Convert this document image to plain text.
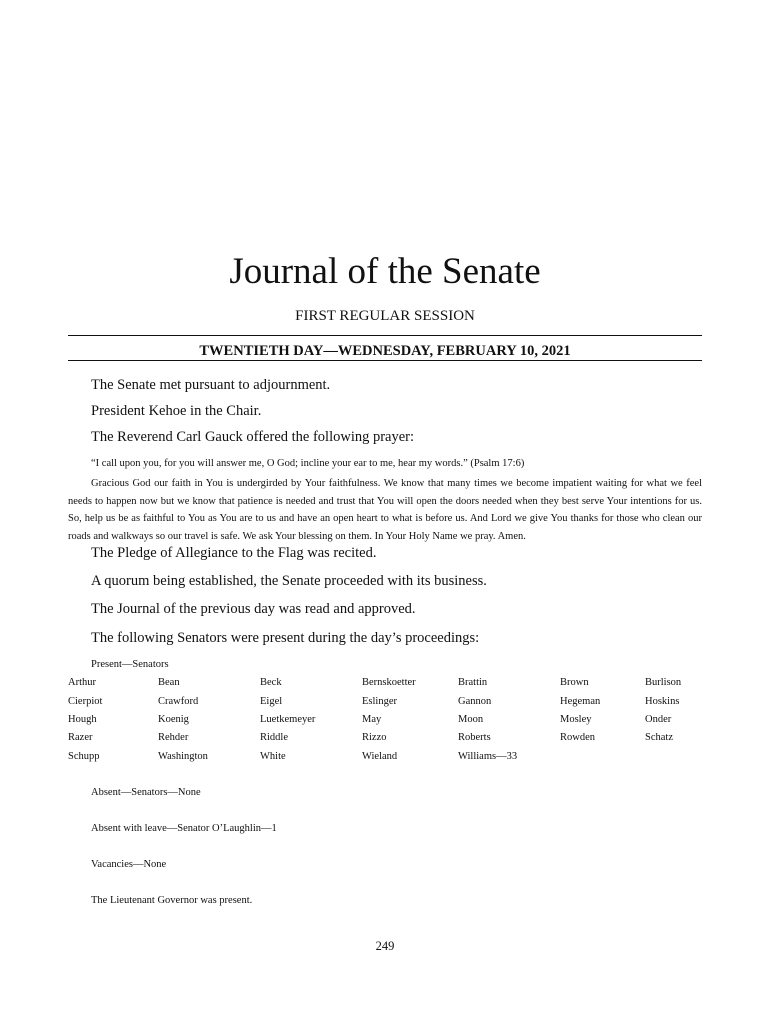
Journal of the Senate
FIRST REGULAR SESSION
TWENTIETH DAY—WEDNESDAY, FEBRUARY 10, 2021
The Senate met pursuant to adjournment.
President Kehoe in the Chair.
The Reverend Carl Gauck offered the following prayer:
“I call upon you, for you will answer me, O God; incline your ear to me, hear my words.” (Psalm 17:6)

Gracious God our faith in You is undergirded by Your faithfulness. We know that many times we become impatient waiting for what we feel needs to happen now but we know that patience is needed and trust that You will open the doors needed when they best serve Your intentions for us. So, help us be as faithful to You as You are to us and have an open heart to what is before us. And Lord we give You thanks for those who clean our roads and walkways so our travel is safe. We ask Your blessing on them. In Your Holy Name we pray. Amen.

The Pledge of Allegiance to the Flag was recited.
A quorum being established, the Senate proceeded with its business.
The Journal of the previous day was read and approved.
The following Senators were present during the day’s proceedings:
Present—Senators
Arthur	Bean	Beck	Bernskoetter	Brattin	Brown	Burlison
Cierpiot	Crawford	Eigel	Eslinger	Gannon	Hegeman	Hoskins
Hough	Koenig	Luetkemeyer	May	Moon	Mosley	Onder
Razer	Rehder	Riddle	Rizzo	Roberts	Rowden	Schatz
Schupp	Washington	White	Wieland	Williams—33
Absent—Senators—None
Absent with leave—Senator O’Laughlin—1
Vacancies—None
The Lieutenant Governor was present.
249
